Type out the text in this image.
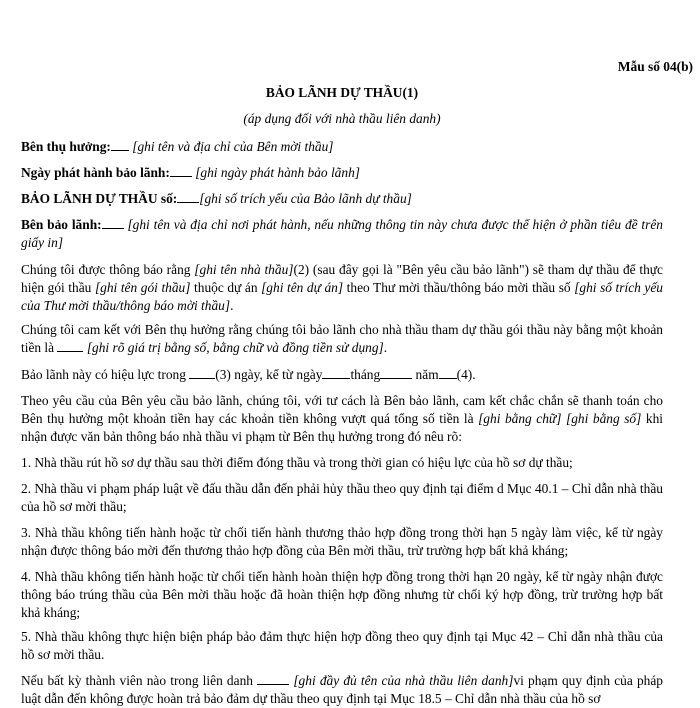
Mẫu số 04(b)
BẢO LÃNH DỰ THẦU(1)
(áp dụng đối với nhà thầu liên danh)
Bên thụ hưởng: [ghi tên và địa chỉ của Bên mời thầu]
Ngày phát hành bảo lãnh: [ghi ngày phát hành bảo lãnh]
BẢO LÃNH DỰ THẦU số: [ghi số trích yếu của Bảo lãnh dự thầu]
Bên bảo lãnh: [ghi tên và địa chỉ nơi phát hành, nếu những thông tin này chưa được thể hiện ở phần tiêu đề trên giấy in]
Chúng tôi được thông báo rằng [ghi tên nhà thầu](2) (sau đây gọi là "Bên yêu cầu bảo lãnh") sẽ tham dự thầu để thực hiện gói thầu [ghi tên gói thầu] thuộc dự án [ghi tên dự án] theo Thư mời thầu/thông báo mời thầu số [ghi số trích yếu của Thư mời thầu/thông báo mời thầu].
Chúng tôi cam kết với Bên thụ hưởng rằng chúng tôi bảo lãnh cho nhà thầu tham dự thầu gói thầu này bằng một khoản tiền là  [ghi rõ giá trị bằng số, bằng chữ và đồng tiền sử dụng].
Bảo lãnh này có hiệu lực trong (3) ngày, kể từ ngày tháng năm (4).
Theo yêu cầu của Bên yêu cầu bảo lãnh, chúng tôi, với tư cách là Bên bảo lãnh, cam kết chắc chắn sẽ thanh toán cho Bên thụ hưởng một khoản tiền hay các khoản tiền không vượt quá tổng số tiền là [ghi bằng chữ] [ghi bằng số] khi nhận được văn bản thông báo nhà thầu vi phạm từ Bên thụ hưởng trong đó nêu rõ:
1. Nhà thầu rút hồ sơ dự thầu sau thời điểm đóng thầu và trong thời gian có hiệu lực của hồ sơ dự thầu;
2. Nhà thầu vi phạm pháp luật về đấu thầu dẫn đến phải hủy thầu theo quy định tại điểm d Mục 40.1 – Chỉ dẫn nhà thầu của hồ sơ mời thầu;
3. Nhà thầu không tiến hành hoặc từ chối tiến hành thương thảo hợp đồng trong thời hạn 5 ngày làm việc, kể từ ngày nhận được thông báo mời đến thương thảo hợp đồng của Bên mời thầu, trừ trường hợp bất khả kháng;
4. Nhà thầu không tiến hành hoặc từ chối tiến hành hoàn thiện hợp đồng trong thời hạn 20 ngày, kể từ ngày nhận được thông báo trúng thầu của Bên mời thầu hoặc đã hoàn thiện hợp đồng nhưng từ chối ký hợp đồng, trừ trường hợp bất khả kháng;
5. Nhà thầu không thực hiện biện pháp bảo đảm thực hiện hợp đồng theo quy định tại Mục 42 – Chỉ dẫn nhà thầu của hồ sơ mời thầu.
Nếu bất kỳ thành viên nào trong liên danh	[ghi đầy đủ tên của nhà thầu liên danh]vi phạm quy định của pháp luật dẫn đến không được hoàn trả bảo đảm dự thầu theo quy định tại Mục 18.5 – Chỉ dẫn nhà thầu của hồ sơ
